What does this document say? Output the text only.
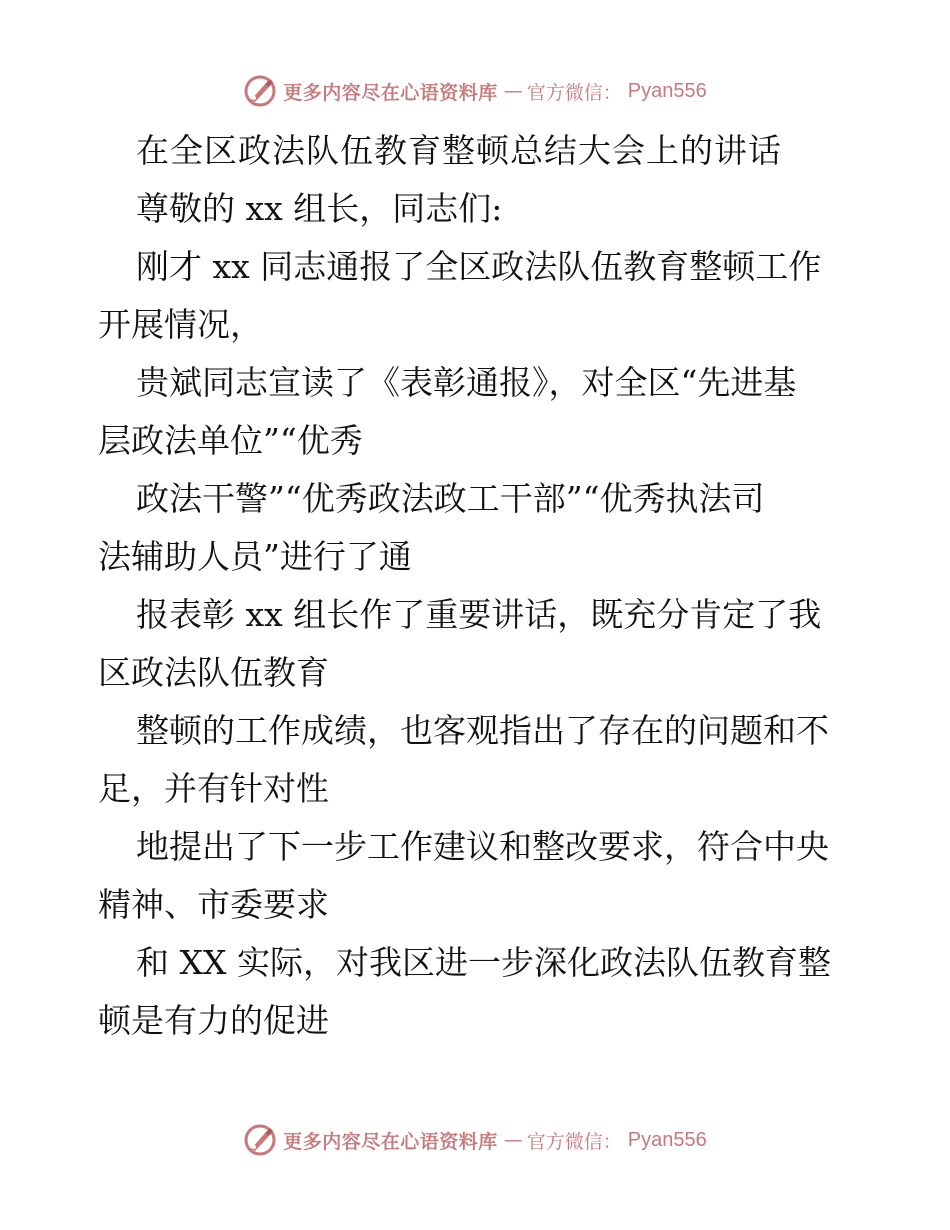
更多内容尽在心语资料库 — 官方微信： Pyan556
在全区政法队伍教育整顿总结大会上的讲话
尊敬的 xx 组长，同志们:
刚才 xx 同志通报了全区政法队伍教育整顿工作
开展情况，
贵斌同志宣读了《表彰通报》，对全区“先进基
层政法单位”“优秀
政法干警”“优秀政法政工干部”“优秀执法司
法辅助人员”进行了通
报表彰 xx 组长作了重要讲话，既充分肯定了我
区政法队伍教育
整顿的工作成绩，也客观指出了存在的问题和不
足，并有针对性
地提出了下一步工作建议和整改要求，符合中央
精神、市委要求
和 XX 实际，对我区进一步深化政法队伍教育整
顿是有力的促进
更多内容尽在心语资料库 — 官方微信： Pyan556
